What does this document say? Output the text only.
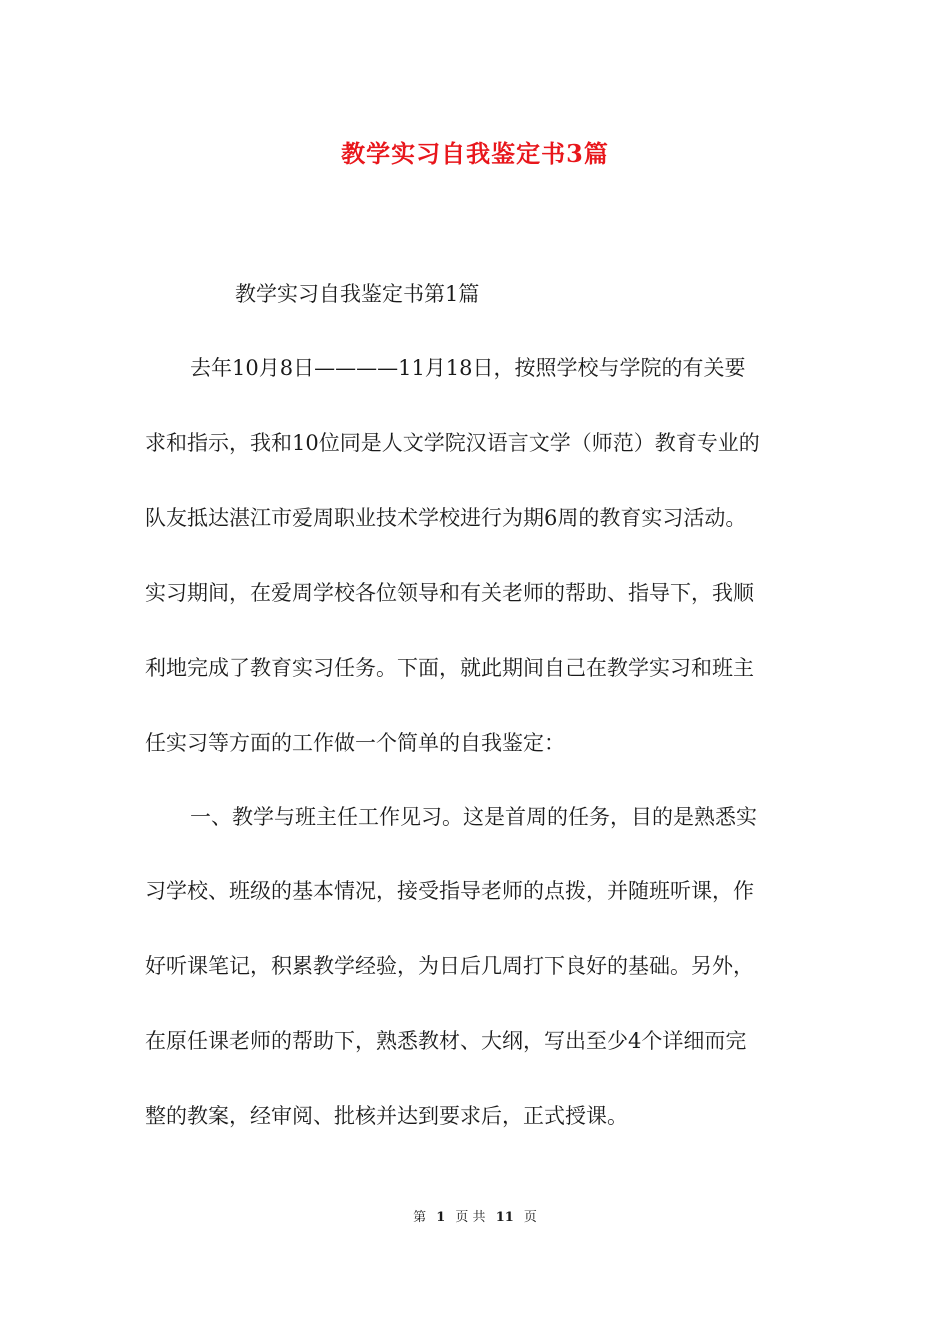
教学实习自我鉴定书3篇
教学实习自我鉴定书第1篇
去年10月8日————11月18日，按照学校与学院的有关要
求和指示，我和10位同是人文学院汉语言文学（师范）教育专业的
队友抵达湛江市爱周职业技术学校进行为期6周的教育实习活动。
实习期间，在爱周学校各位领导和有关老师的帮助、指导下，我顺
利地完成了教育实习任务。下面，就此期间自己在教学实习和班主
任实习等方面的工作做一个简单的自我鉴定：
一、教学与班主任工作见习。这是首周的任务，目的是熟悉实
习学校、班级的基本情况，接受指导老师的点拨，并随班听课，作
好听课笔记，积累教学经验，为日后几周打下良好的基础。另外，
在原任课老师的帮助下，熟悉教材、大纲，写出至少4个详细而完
整的教案，经审阅、批核并达到要求后，正式授课。
第 1 页 共 11 页
